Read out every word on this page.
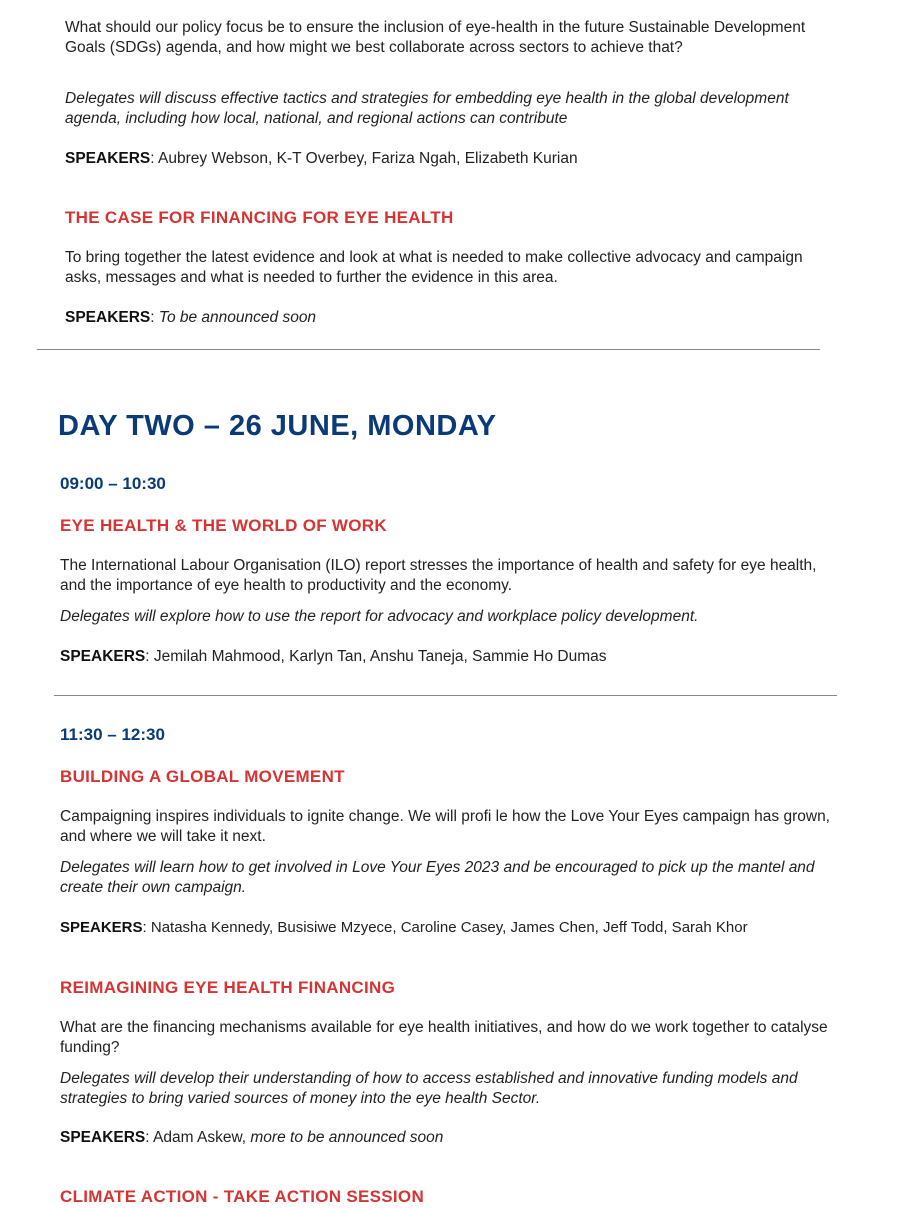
What should our policy focus be to ensure the inclusion of eye-health in the future Sustainable Development Goals (SDGs) agenda, and how might we best collaborate across sectors to achieve that?

Delegates will discuss effective tactics and strategies for embedding eye health in the global development agenda, including how local, national, and regional actions can contribute

SPEAKERS: Aubrey Webson, K-T Overbey, Fariza Ngah, Elizabeth Kurian

THE CASE FOR FINANCING FOR EYE HEALTH

To bring together the latest evidence and look at what is needed to make collective advocacy and campaign asks, messages and what is needed to further the evidence in this area.

SPEAKERS: To be announced soon

DAY TWO – 26 JUNE, MONDAY
09:00 – 10:30
EYE HEALTH & THE WORLD OF WORK

The International Labour Organisation (ILO) report stresses the importance of health and safety for eye health, and the importance of eye health to productivity and the economy.

Delegates will explore how to use the report for advocacy and workplace policy development.

SPEAKERS: Jemilah Mahmood, Karlyn Tan, Anshu Taneja, Sammie Ho Dumas

11:30 – 12:30
BUILDING A GLOBAL MOVEMENT

Campaigning inspires individuals to ignite change. We will profi le how the Love Your Eyes campaign has grown, and where we will take it next.

Delegates will learn how to get involved in Love Your Eyes 2023 and be encouraged to pick up the mantel and create their own campaign.

SPEAKERS: Natasha Kennedy, Busisiwe Mzyece, Caroline Casey, James Chen, Jeff Todd, Sarah Khor

REIMAGINING EYE HEALTH FINANCING

What are the financing mechanisms available for eye health initiatives, and how do we work together to catalyse funding?

Delegates will develop their understanding of how to access established and innovative funding models and strategies to bring varied sources of money into the eye health Sector.

SPEAKERS: Adam Askew, more to be announced soon

CLIMATE ACTION - TAKE ACTION SESSION
